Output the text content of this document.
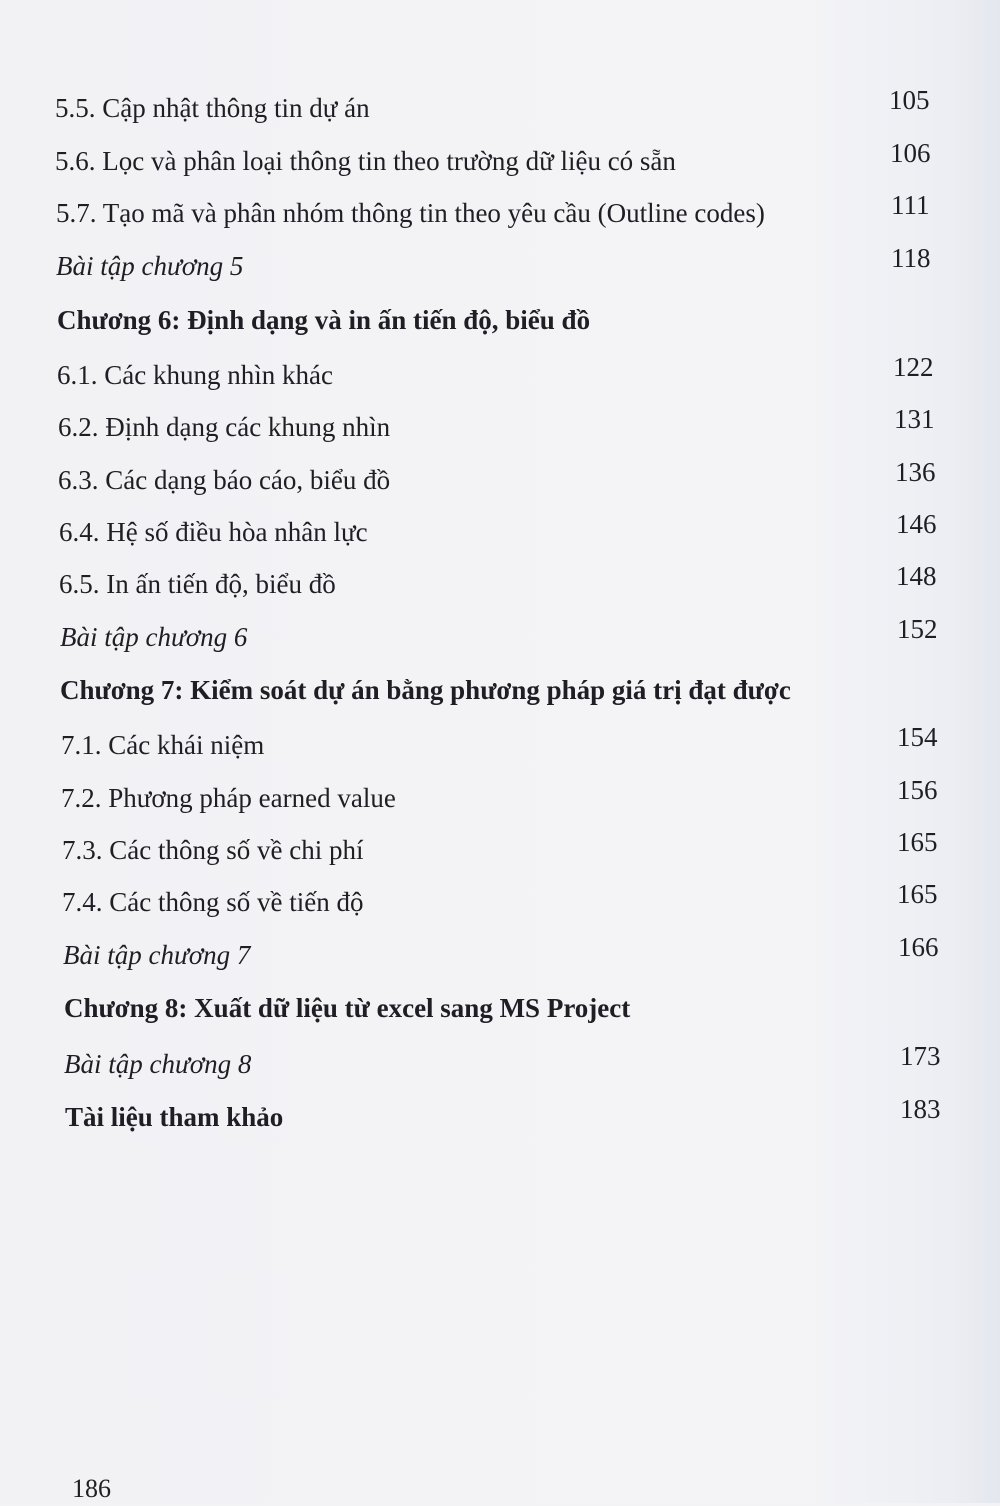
5.5. Cập nhật thông tin dự án	105
5.6. Lọc và phân loại thông tin theo trường dữ liệu có sẵn	106
5.7. Tạo mã và phân nhóm thông tin theo yêu cầu (Outline codes)	111
Bài tập chương 5	118
Chương 6: Định dạng và in ấn tiến độ, biểu đồ
6.1. Các khung nhìn khác	122
6.2. Định dạng các khung nhìn	131
6.3. Các dạng báo cáo, biểu đồ	136
6.4. Hệ số điều hòa nhân lực	146
6.5. In ấn tiến độ, biểu đồ	148
Bài tập chương 6	152
Chương 7: Kiểm soát dự án bằng phương pháp giá trị đạt được
7.1. Các khái niệm	154
7.2. Phương pháp earned value	156
7.3. Các thông số về chi phí	165
7.4. Các thông số về tiến độ	165
Bài tập chương 7	166
Chương 8: Xuất dữ liệu từ excel sang MS Project
Bài tập chương 8	173
Tài liệu tham khảo	183
186
